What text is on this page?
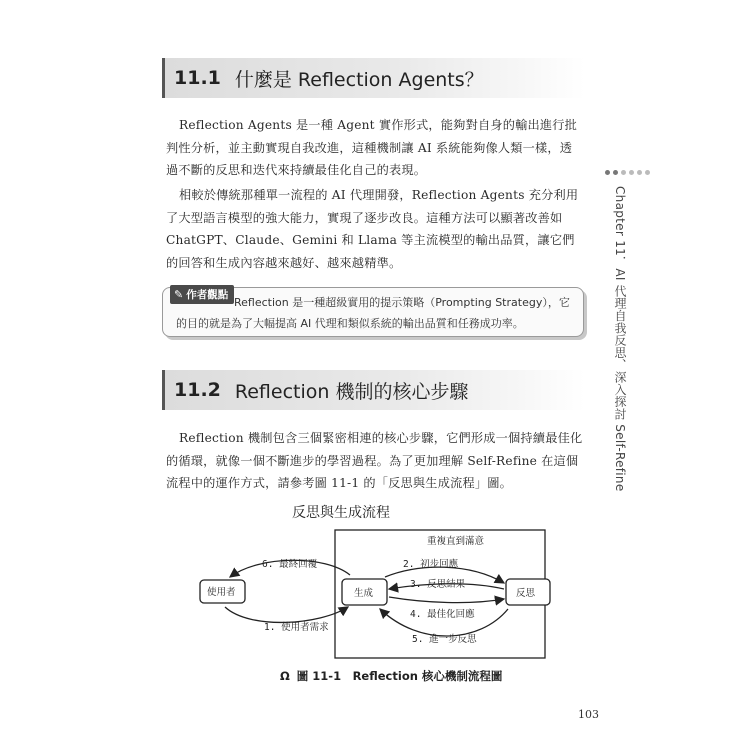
11.1 什麼是 Reflection Agents？

Reflection Agents 是一種 Agent 實作形式，能夠對自身的輸出進行批判性分析，並主動實現自我改進，這種機制讓 AI 系統能夠像人類一樣，透過不斷的反思和迭代來持續最佳化自己的表現。

相較於傳統那種單一流程的 AI 代理開發，Reflection Agents 充分利用了大型語言模型的強大能力，實現了逐步改良。這種方法可以顯著改善如 ChatGPT、Claude、Gemini 和 Llama 等主流模型的輸出品質，讓它們的回答和生成內容越來越好、越來越精準。

Reflection 是一種超級實用的提示策略（Prompting Strategy），它的目的就是為了大幅提高 AI 代理和類似系統的輸出品質和任務成功率。

✎ 作者觀點
11.2 Reflection 機制的核心步驟

Reflection 機制包含三個緊密相連的核心步驟，它們形成一個持續最佳化的循環，就像一個不斷進步的學習過程。為了更加理解 Self-Refine 在這個流程中的運作方式，請參考圖 11-1 的「反思與生成流程」圖。	Chapter 11．AI 代理自我反思、深入探討 Self-Refine
反思與生成流程
重複直到滿意
使用者	生成	反思
6. 最終回覆
1. 使用者需求
2. 初步回應
3. 反思結果
4. 最佳化回應
5. 進一步反思
Ω 圖 11-1　Reflection 核心機制流程圖
103
